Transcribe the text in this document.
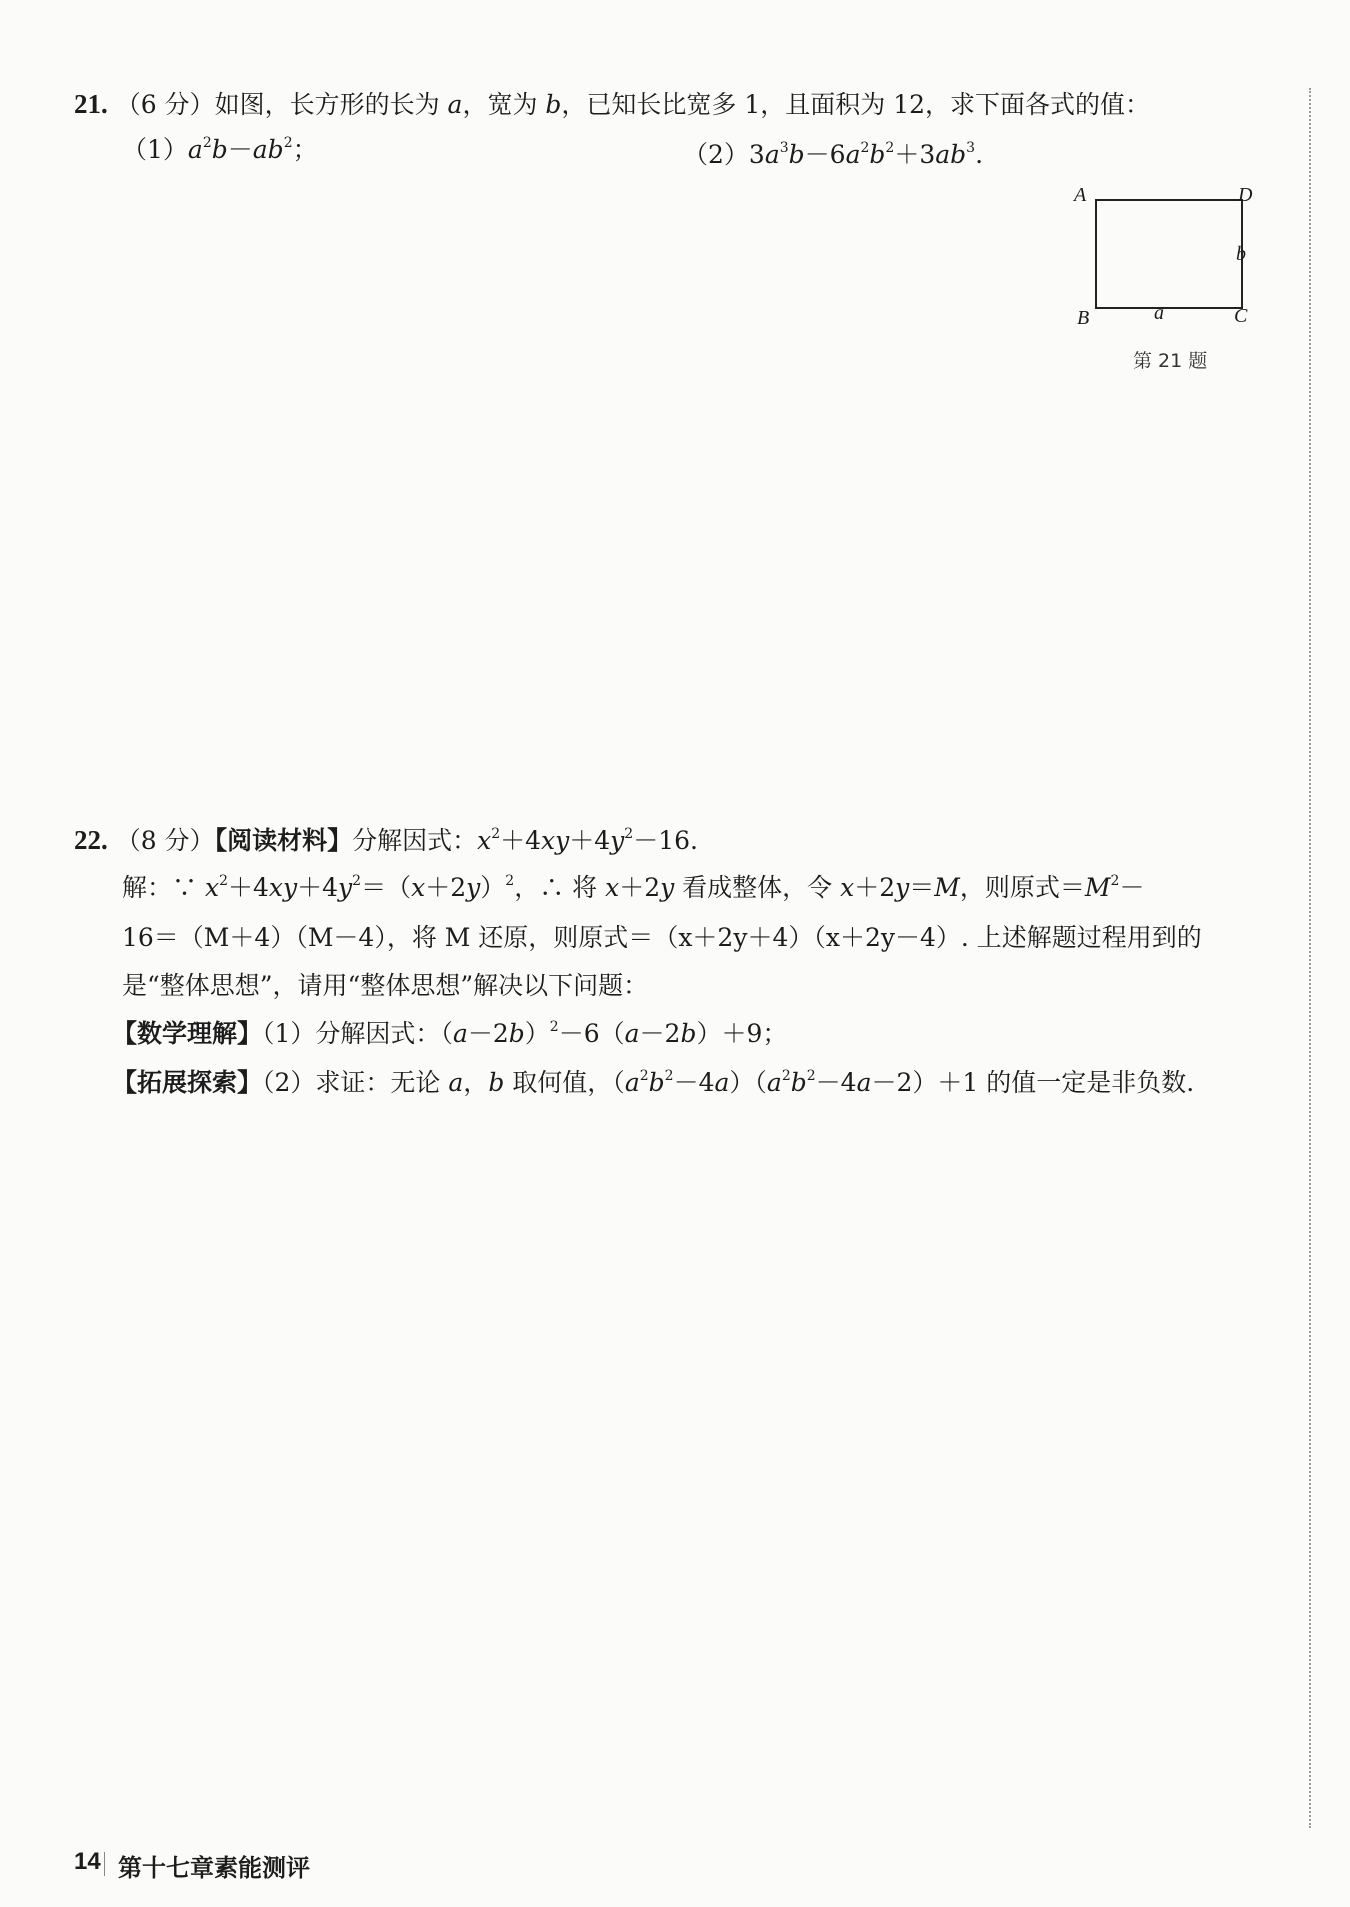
21. （6 分）如图，长方形的长为 a，宽为 b，已知长比宽多 1，且面积为 12，求下面各式的值：
$(1)a^2b-ab^2$；	$(2)3a^3b-6a^2b^2+3ab^3$.
A	D
B	C
a
b
第 21 题
22. （8 分）【阅读材料】分解因式：$x^2+4xy+4y^2-16$.
解：∵ $x^2+4xy+4y^2=(x+2y)^2$，∴ 将 x＋2y 看成整体，令 x＋2y＝M，则原式$=M^2-$
16＝（M＋4）（M－4），将 M 还原，则原式＝（x＋2y＋4）（x＋2y－4）. 上述解题过程用到的
是“整体思想”，请用“整体思想”解决以下问题：
【数学理解】（1）分解因式：$(a-2b)^2-6(a-2b)+9$；
【拓展探索】（2）求证：无论 a，b 取何值，$(a^2b^2-4a)(a^2b^2-4a-2)+1$ 的值一定是非负数.
14 第十七章素能测评
